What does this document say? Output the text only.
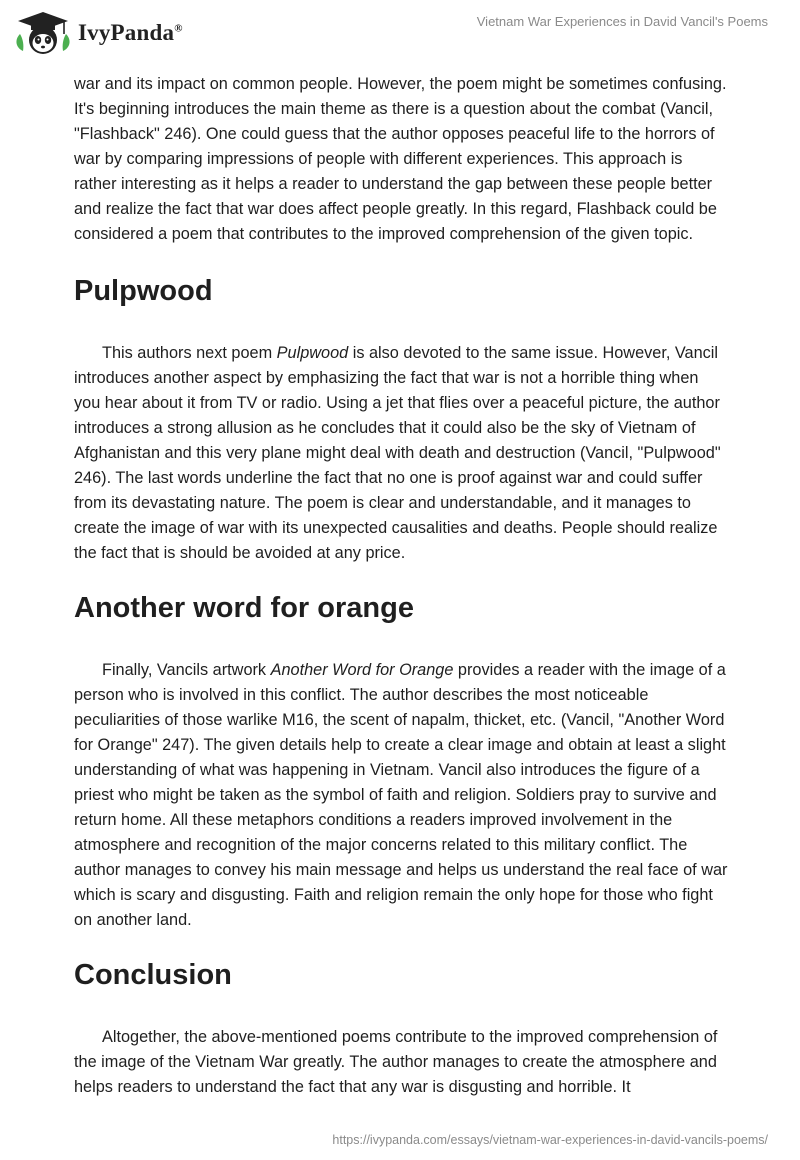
IvyPanda®	Vietnam War Experiences in David Vancil's Poems

war and its impact on common people. However, the poem might be sometimes confusing. It's beginning introduces the main theme as there is a question about the combat (Vancil, "Flashback" 246). One could guess that the author opposes peaceful life to the horrors of war by comparing impressions of people with different experiences. This approach is rather interesting as it helps a reader to understand the gap between these people better and realize the fact that war does affect people greatly. In this regard, Flashback could be considered a poem that contributes to the improved comprehension of the given topic.

Pulpwood

This authors next poem Pulpwood is also devoted to the same issue. However, Vancil introduces another aspect by emphasizing the fact that war is not a horrible thing when you hear about it from TV or radio. Using a jet that flies over a peaceful picture, the author introduces a strong allusion as he concludes that it could also be the sky of Vietnam of Afghanistan and this very plane might deal with death and destruction (Vancil, "Pulpwood" 246). The last words underline the fact that no one is proof against war and could suffer from its devastating nature. The poem is clear and understandable, and it manages to create the image of war with its unexpected causalities and deaths. People should realize the fact that is should be avoided at any price.

Another word for orange

Finally, Vancils artwork Another Word for Orange provides a reader with the image of a person who is involved in this conflict. The author describes the most noticeable peculiarities of those warlike M16, the scent of napalm, thicket, etc. (Vancil, "Another Word for Orange" 247). The given details help to create a clear image and obtain at least a slight understanding of what was happening in Vietnam. Vancil also introduces the figure of a priest who might be taken as the symbol of faith and religion. Soldiers pray to survive and return home. All these metaphors conditions a readers improved involvement in the atmosphere and recognition of the major concerns related to this military conflict. The author manages to convey his main message and helps us understand the real face of war which is scary and disgusting. Faith and religion remain the only hope for those who fight on another land.

Conclusion

Altogether, the above-mentioned poems contribute to the improved comprehension of the image of the Vietnam War greatly. The author manages to create the atmosphere and helps readers to understand the fact that any war is disgusting and horrible. It

https://ivypanda.com/essays/vietnam-war-experiences-in-david-vancils-poems/
